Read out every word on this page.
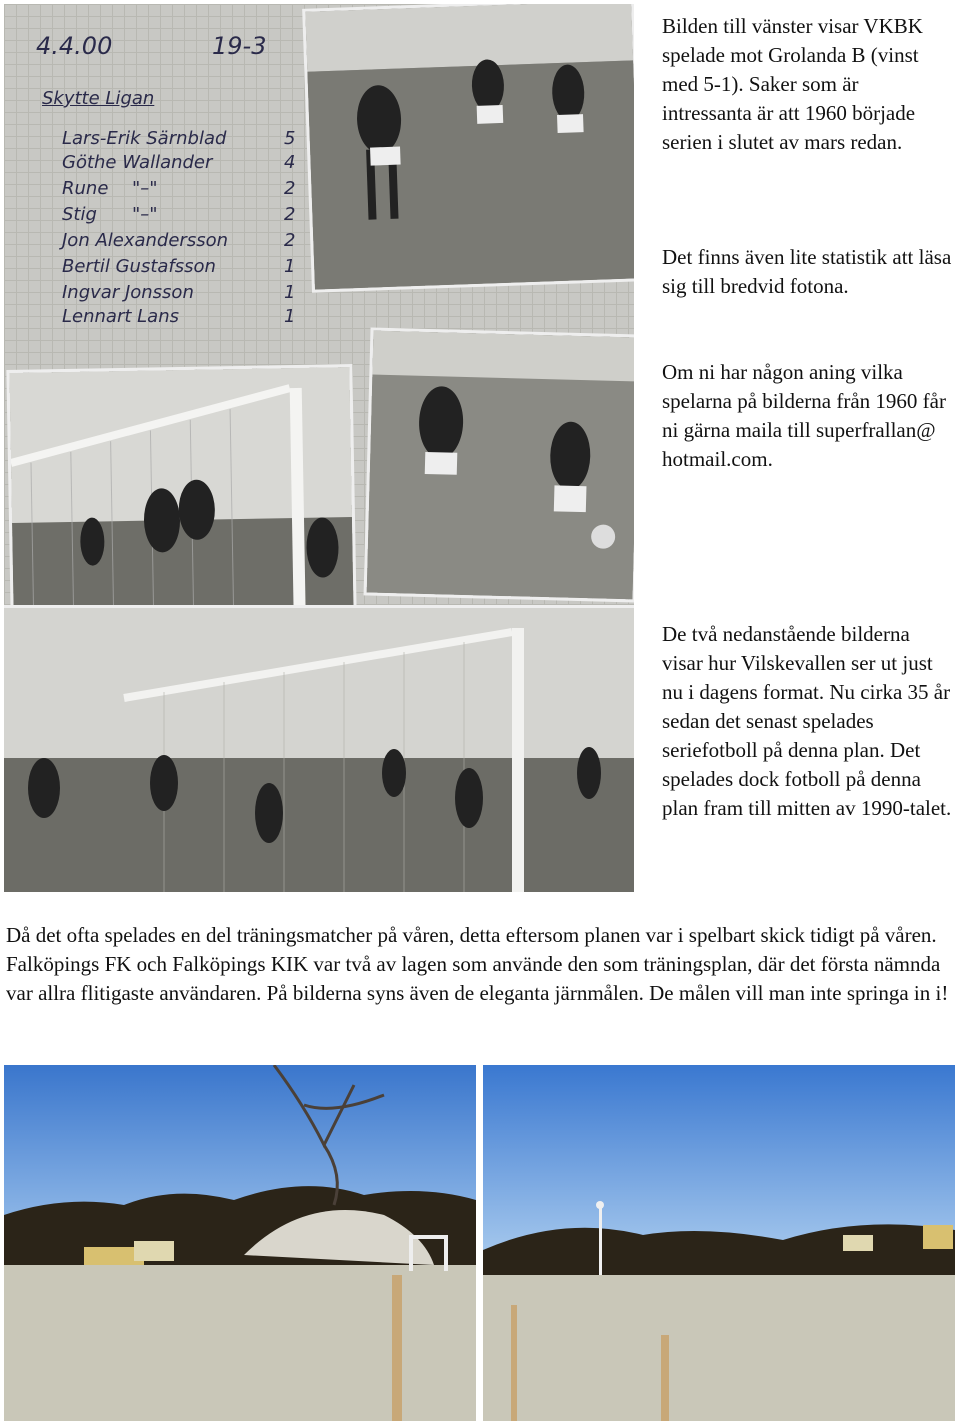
4.4.00	19-3
Skytte Ligan
Lars-Erik Särnblad	5
Göthe Wallander	4
Rune "–"	2
Stig "–"	2
Jon Alexandersson	2
Bertil Gustafsson	1
Ingvar Jonsson	1
Lennart Lans	1

Bilden till vänster visar VKBK spelade mot Grolanda B (vinst med 5-1). Saker som är intressanta är att 1960 började serien i slutet av mars redan.

Det finns även lite statistik att läsa sig till bredvid fotona.

Om ni har någon aning vilka spelarna på bilderna från 1960 får ni gärna maila till superfrallan@ hotmail.com.

De två nedanstående bilderna visar hur Vilskevallen ser ut just nu i dagens format. Nu cirka 35 år sedan det senast spelades seriefotboll på denna plan. Det spelades dock fotboll på denna plan fram till mitten av 1990-talet.

Då det ofta spelades en del träningsmatcher på våren, detta eftersom planen var i spelbart skick tidigt på våren. Falköpings FK och Falköpings KIK var två av lagen som använde den som träningsplan, där det första nämnda var allra flitigaste användaren. På bilderna syns även de eleganta järnmålen. De målen vill man inte springa in i!
